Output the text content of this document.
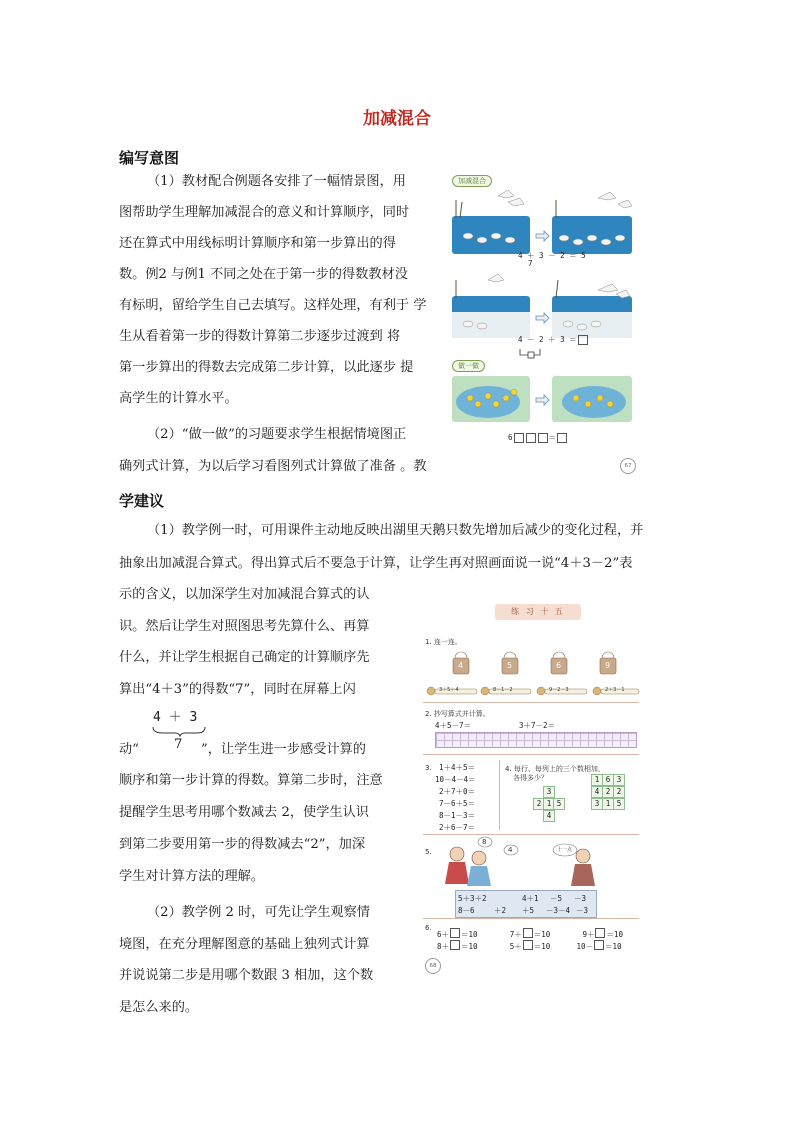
加减混合
编写意图
（1）教材配合例题各安排了一幅情景图，用
图帮助学生理解加减混合的意义和计算顺序，同时
还在算式中用线标明计算顺序和第一步算出的得
数。例2 与例1 不同之处在于第一步的得数教材没
有标明，留给学生自己去填写。这样处理，有利于 学
生从看着第一步的得数计算第二步逐步过渡到 将
第一步算出的得数去完成第二步计算，以此逐步 提
高学生的计算水平。
（2）“做一做”的习题要求学生根据情境图正
确列式计算，为以后学习看图列式计算做了准备 。教
学建议
（1）教学例一时，可用课件主动地反映出湖里天鹅只数先增加后减少的变化过程，并
抽象出加减混合算式。得出算式后不要急于计算，让学生再对照画面说一说“4＋3－2”表
示的含义，以加深学生对加减混合算式的认
识。然后让学生对照图思考先算什么、再算
什么，并让学生根据自己确定的计算顺序先
算出“4＋3”的得数“7”，同时在屏幕上闪
4 ＋ 3
7
动“	”，让学生进一步感受计算的
顺序和第一步计算的得数。算第二步时，注意
提醒学生思考用哪个数减去 2，使学生认识
到第二步要用第一步的得数减去“2”，加深
学生对计算方法的理解。
（2）教学例 2 时，可先让学生观察情
境图，在充分理解图意的基础上独列式计算
并说说第二步是用哪个数跟 3 相加，这个数
是怎么来的。
加减混合
4 ＋ 3 － 2 ＝ 5
7
4 － 2 ＋ 3 ＝
做一做
6	＝
67
练 习 十 五
1. 连一连。
4	5	6	9
3＋5＋4	8－1－2	9－2－3	2＋3－1
2. 抄写算式并计算。
4＋5－7＝	3＋7－2＝
3. 1＋4＋5＝
10－4－4＝
2＋7＋0＝
7－6＋5＝
8－1－3＝
2＋6－7＝
4. 每行、每列上的三个数相加，
各得多少？
3
2 1 5
4
1 6 3
4 2 2
3 1 5
5.
8
4	十一点
5＋3＋2	4＋1 －5 －3
8－6	＋2 ＋5 －3－4 －3
6.
6＋ ＝10	7＋ ＝10	9＋ ＝10
8＋ ＝10	5＋ ＝10	10－ ＝10
68
